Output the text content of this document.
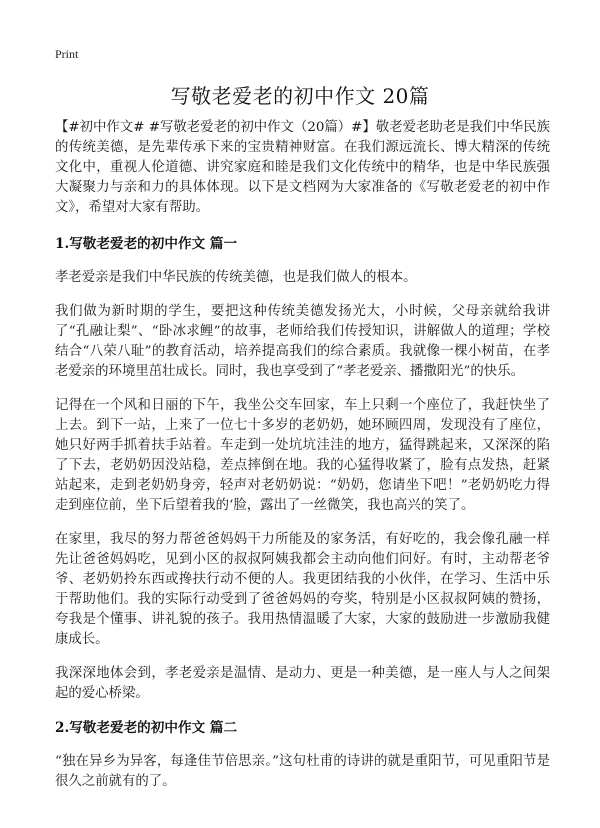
Print
写敬老爱老的初中作文 20篇

【#初中作文# #写敬老爱老的初中作文（20篇）#】敬老爱老助老是我们中华民族的传统美德，是先辈传承下来的宝贵精神财富。在我们源远流长、博大精深的传统文化中，重视人伦道德、讲究家庭和睦是我们文化传统中的精华，也是中华民族强大凝聚力与亲和力的具体体现。以下是文档网为大家准备的《写敬老爱老的初中作文》，希望对大家有帮助。

1.写敬老爱老的初中作文 篇一

孝老爱亲是我们中华民族的传统美德，也是我们做人的根本。

我们做为新时期的学生，要把这种传统美德发扬光大，小时候，父母亲就给我讲了“孔融让梨”、“卧冰求鲤”的故事，老师给我们传授知识，讲解做人的道理；学校结合“八荣八耻”的教育活动，培养提高我们的综合素质。我就像一棵小树苗，在孝老爱亲的环境里茁壮成长。同时，我也享受到了“孝老爱亲、播撒阳光”的快乐。

记得在一个风和日丽的下午，我坐公交车回家，车上只剩一个座位了，我赶快坐了上去。到下一站，上来了一位七十多岁的老奶奶，她环顾四周，发现没有了座位，她只好两手抓着扶手站着。车走到一处坑坑洼洼的地方，猛得跳起来，又深深的陷了下去，老奶奶因没站稳，差点摔倒在地。我的心猛得收紧了，脸有点发热，赶紧站起来，走到老奶奶身旁，轻声对老奶奶说：“奶奶，您请坐下吧！”老奶奶吃力得走到座位前，坐下后望着我的‘脸，露出了一丝微笑，我也高兴的笑了。

在家里，我尽的努力帮爸爸妈妈干力所能及的家务活，有好吃的，我会像孔融一样先让爸爸妈妈吃，见到小区的叔叔阿姨我都会主动向他们问好。有时，主动帮老爷爷、老奶奶拎东西或搀扶行动不便的人。我更团结我的小伙伴，在学习、生活中乐于帮助他们。我的实际行动受到了爸爸妈妈的夸奖，特别是小区叔叔阿姨的赞扬，夸我是个懂事、讲礼貌的孩子。我用热情温暖了大家，大家的鼓励进一步激励我健康成长。

我深深地体会到，孝老爱亲是温情、是动力、更是一种美德，是一座人与人之间架起的爱心桥梁。

2.写敬老爱老的初中作文 篇二

“独在异乡为异客，每逢佳节倍思亲。”这句杜甫的诗讲的就是重阳节，可见重阳节是很久之前就有的了。
